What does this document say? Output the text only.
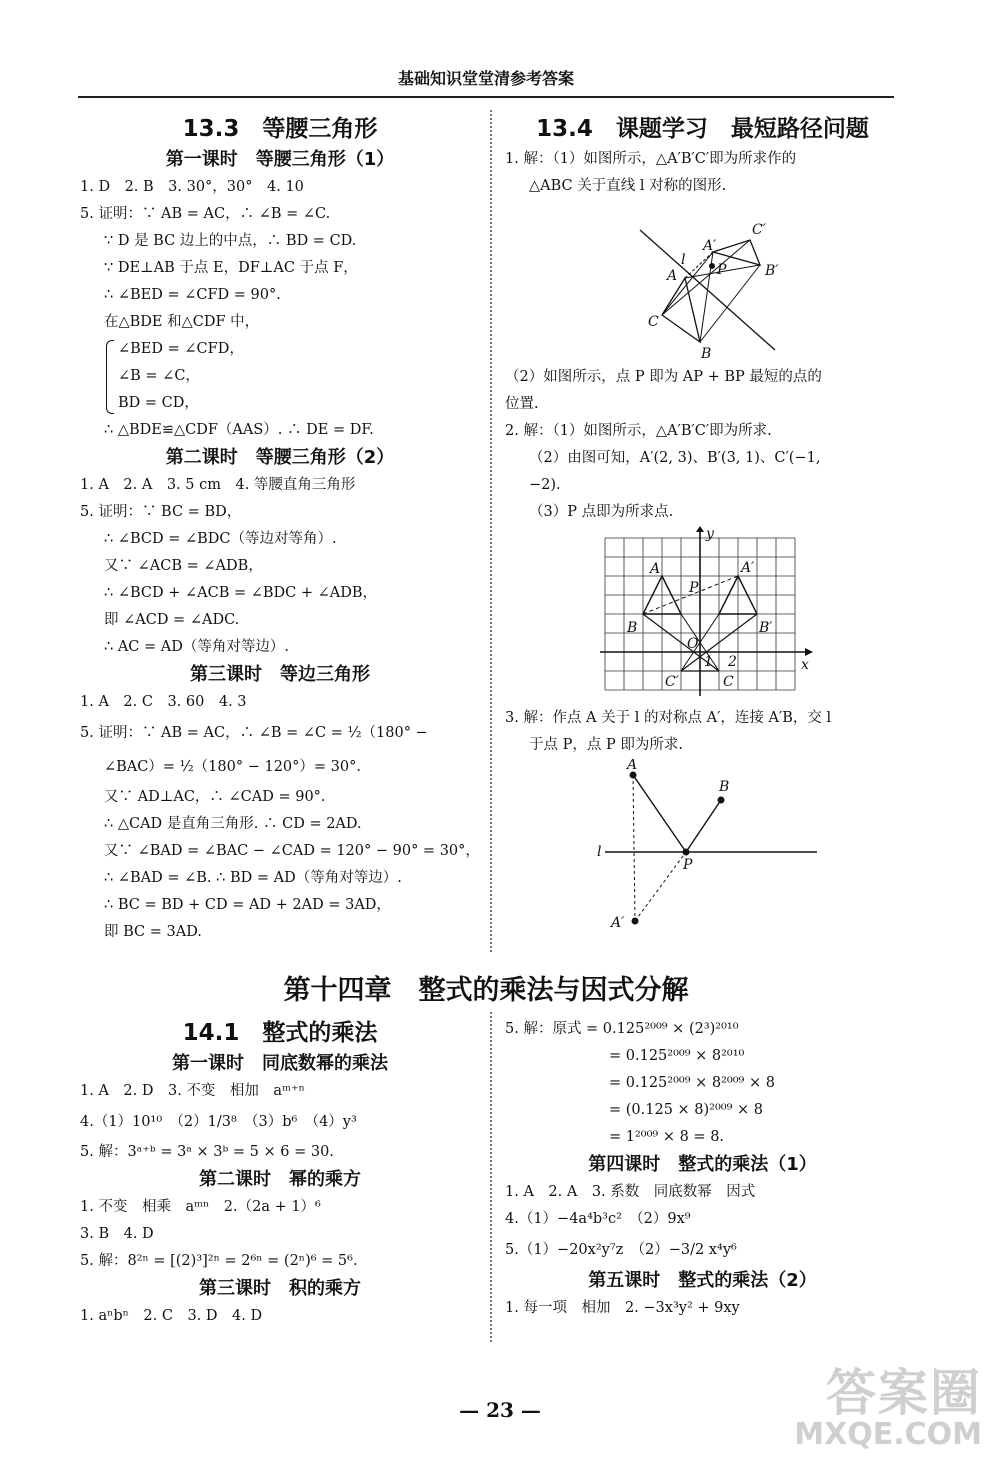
基础知识堂堂清参考答案
13.3　等腰三角形
第一课时　等腰三角形（1）
1. D　2. B　3. 30°，30°　4. 10
5. 证明：∵ AB = AC，∴ ∠B = ∠C.
∵ D 是 BC 边上的中点，∴ BD = CD.
∵ DE⊥AB 于点 E，DF⊥AC 于点 F，
∴ ∠BED = ∠CFD = 90°.
在△BDE 和△CDF 中，
∠BED = ∠CFD，
∠B = ∠C，
BD = CD，
∴ △BDE≌△CDF（AAS）. ∴ DE = DF.
第二课时　等腰三角形（2）
1. A　2. A　3. 5 cm　4. 等腰直角三角形
5. 证明：∵ BC = BD，
∴ ∠BCD = ∠BDC（等边对等角）.
又∵ ∠ACB = ∠ADB，
∴ ∠BCD + ∠ACB = ∠BDC + ∠ADB，
即 ∠ACD = ∠ADC.
∴ AC = AD（等角对等边）.
第三课时　等边三角形
1. A　2. C　3. 60　4. 3
5. 证明：∵ AB = AC，∴ ∠B = ∠C = ½（180° −
∠BAC）= ½（180° − 120°）= 30°.
又∵ AD⊥AC，∴ ∠CAD = 90°.
∴ △CAD 是直角三角形. ∴ CD = 2AD.
又∵ ∠BAD = ∠BAC − ∠CAD = 120° − 90° = 30°，
∴ ∠BAD = ∠B. ∴ BD = AD（等角对等边）.
∴ BC = BD + CD = AD + 2AD = 3AD，
即 BC = 3AD.
13.4　课题学习　最短路径问题
1. 解：（1）如图所示，△A′B′C′即为所求作的
△ABC 关于直线 l 对称的图形.
l
A
A′
C′
B′
P
C
B
（2）如图所示，点 P 即为 AP + BP 最短的点的
位置.
2. 解：（1）如图所示，△A′B′C′即为所求.
（2）由图可知，A′(2, 3)、B′(3, 1)、C′(−1,
−2).
（3）P 点即为所求点.
A	A′
P
B	B′
O
1 2
C′	C
x
y
3. 解：作点 A 关于 l 的对称点 A′，连接 A′B，交 l
于点 P，点 P 即为所求.
A
B
l
P
A′
第十四章　整式的乘法与因式分解
14.1　整式的乘法
第一课时　同底数幂的乘法
1. A　2. D　3. 不变　相加　aᵐ⁺ⁿ
4.（1）10¹⁰　（2）1/3⁸　（3）b⁶　（4）y³
5. 解：3ᵃ⁺ᵇ = 3ᵃ × 3ᵇ = 5 × 6 = 30.
第二课时　幂的乘方
1. 不变　相乘　aᵐⁿ　2.（2a + 1）⁶
3. B　4. D
5. 解：8²ⁿ = [(2)³]²ⁿ = 2⁶ⁿ = (2ⁿ)⁶ = 5⁶.
第三课时　积的乘方
1. aⁿbⁿ　2. C　3. D　4. D
5. 解：原式 = 0.125²⁰⁰⁹ × (2³)²⁰¹⁰
= 0.125²⁰⁰⁹ × 8²⁰¹⁰
= 0.125²⁰⁰⁹ × 8²⁰⁰⁹ × 8
= (0.125 × 8)²⁰⁰⁹ × 8
= 1²⁰⁰⁹ × 8 = 8.
第四课时　整式的乘法（1）
1. A　2. A　3. 系数　同底数幂　因式
4.（1）−4a⁴b³c²　（2）9x⁹
5.（1）−20x²y⁷z　（2）−3/2 x⁴y⁶
第五课时　整式的乘法（2）
1. 每一项　相加　2. −3x³y² + 9xy
— 23 —	答案圈
MXQE.COM
